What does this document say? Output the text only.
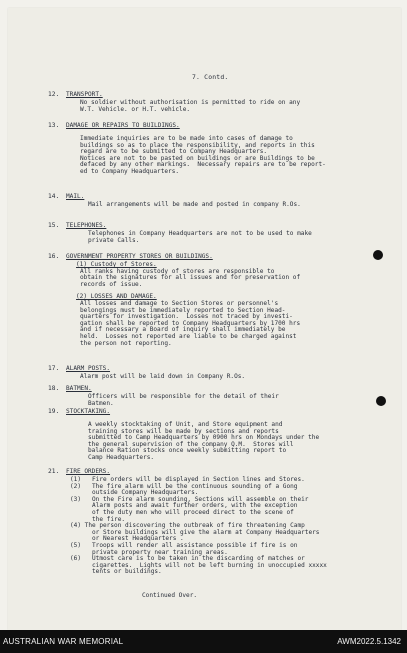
7. Contd.
12. TRANSPORT.
No soldier without authorisation is permitted to ride on any
W.T. Vehicle. or H.T. vehicle.
13. DAMAGE OR REPAIRS TO BUILDINGS.
Immediate inquiries are to be made into cases of damage to
buildings so as to place the responsibility, and reports in this
regard are to be submitted to Company Headquarters.
Notices are not to be pasted on buildings or are Buildings to be
defaced by any other markings.  Necessary repairs are to be report-
ed to Company Headquarters.
14. MAIL.
Mail arrangements will be made and posted in company R.Os.
15. TELEPHONES.
Telephones in Company Headquarters are not to be used to make
private Calls.
16. GOVERNMENT PROPERTY STORES OR BUILDINGS.
(1) Custody of Stores.
All ranks having custody of stores are responsible to
obtain the signatures for all issues and for preservation of
records of issue.
(2) LOSSES AND DAMAGE.
All losses and damage to Section Stores or personnel's
belongings must be immediately reported to Section Head-
quarters for investigation.  Losses not traced by investi-
gation shall be reported to Company Headquarters by 1700 hrs
and if necessary a Board of inquiry shall immediately be
held.  Losses not reported are liable to be charged against
the person not reporting.
17. ALARM POSTS.
Alarm post will be laid down in Company R.Os.
18. BATMEN.
Officers will be responsible for the detail of their
Batmen.
19. STOCKTAKING.
A weekly stocktaking of Unit, and Store equipment and
training stores will be made by sections and reports
submitted to Camp Headquarters by 0900 hrs on Mondays under the
the general supervision of the company Q.M.  Stores will
balance Ration stocks once weekly submitting report to
Camp Headquarters.
21. FIRE ORDERS.
(1)   Fire orders will be displayed in Section lines and Stores.
(2)   The fire alarm will be the continuous sounding of a Gong
outside Company Headquarters.
(3)   On the Fire alarm sounding, Sections will assemble on their
Alarm posts and await further orders, with the exception
of the duty men who will proceed direct to the scene of
the fire.
(4) The person discovering the outbreak of fire threatening Camp
or Store buildings will give the alarm at Company Headquarters
or Nearest Headquarters .
(5)   Troops will render all assistance possible if fire is on
private property near training areas.
(6)   Utmost care is to be taken in the discarding of matches or
cigarettes.  Lights will not be left burning in unoccupied xxxxx
tents or buildings.
Continued Over.
AUSTRALIAN WAR MEMORIAL	AWM2022.5.1342
